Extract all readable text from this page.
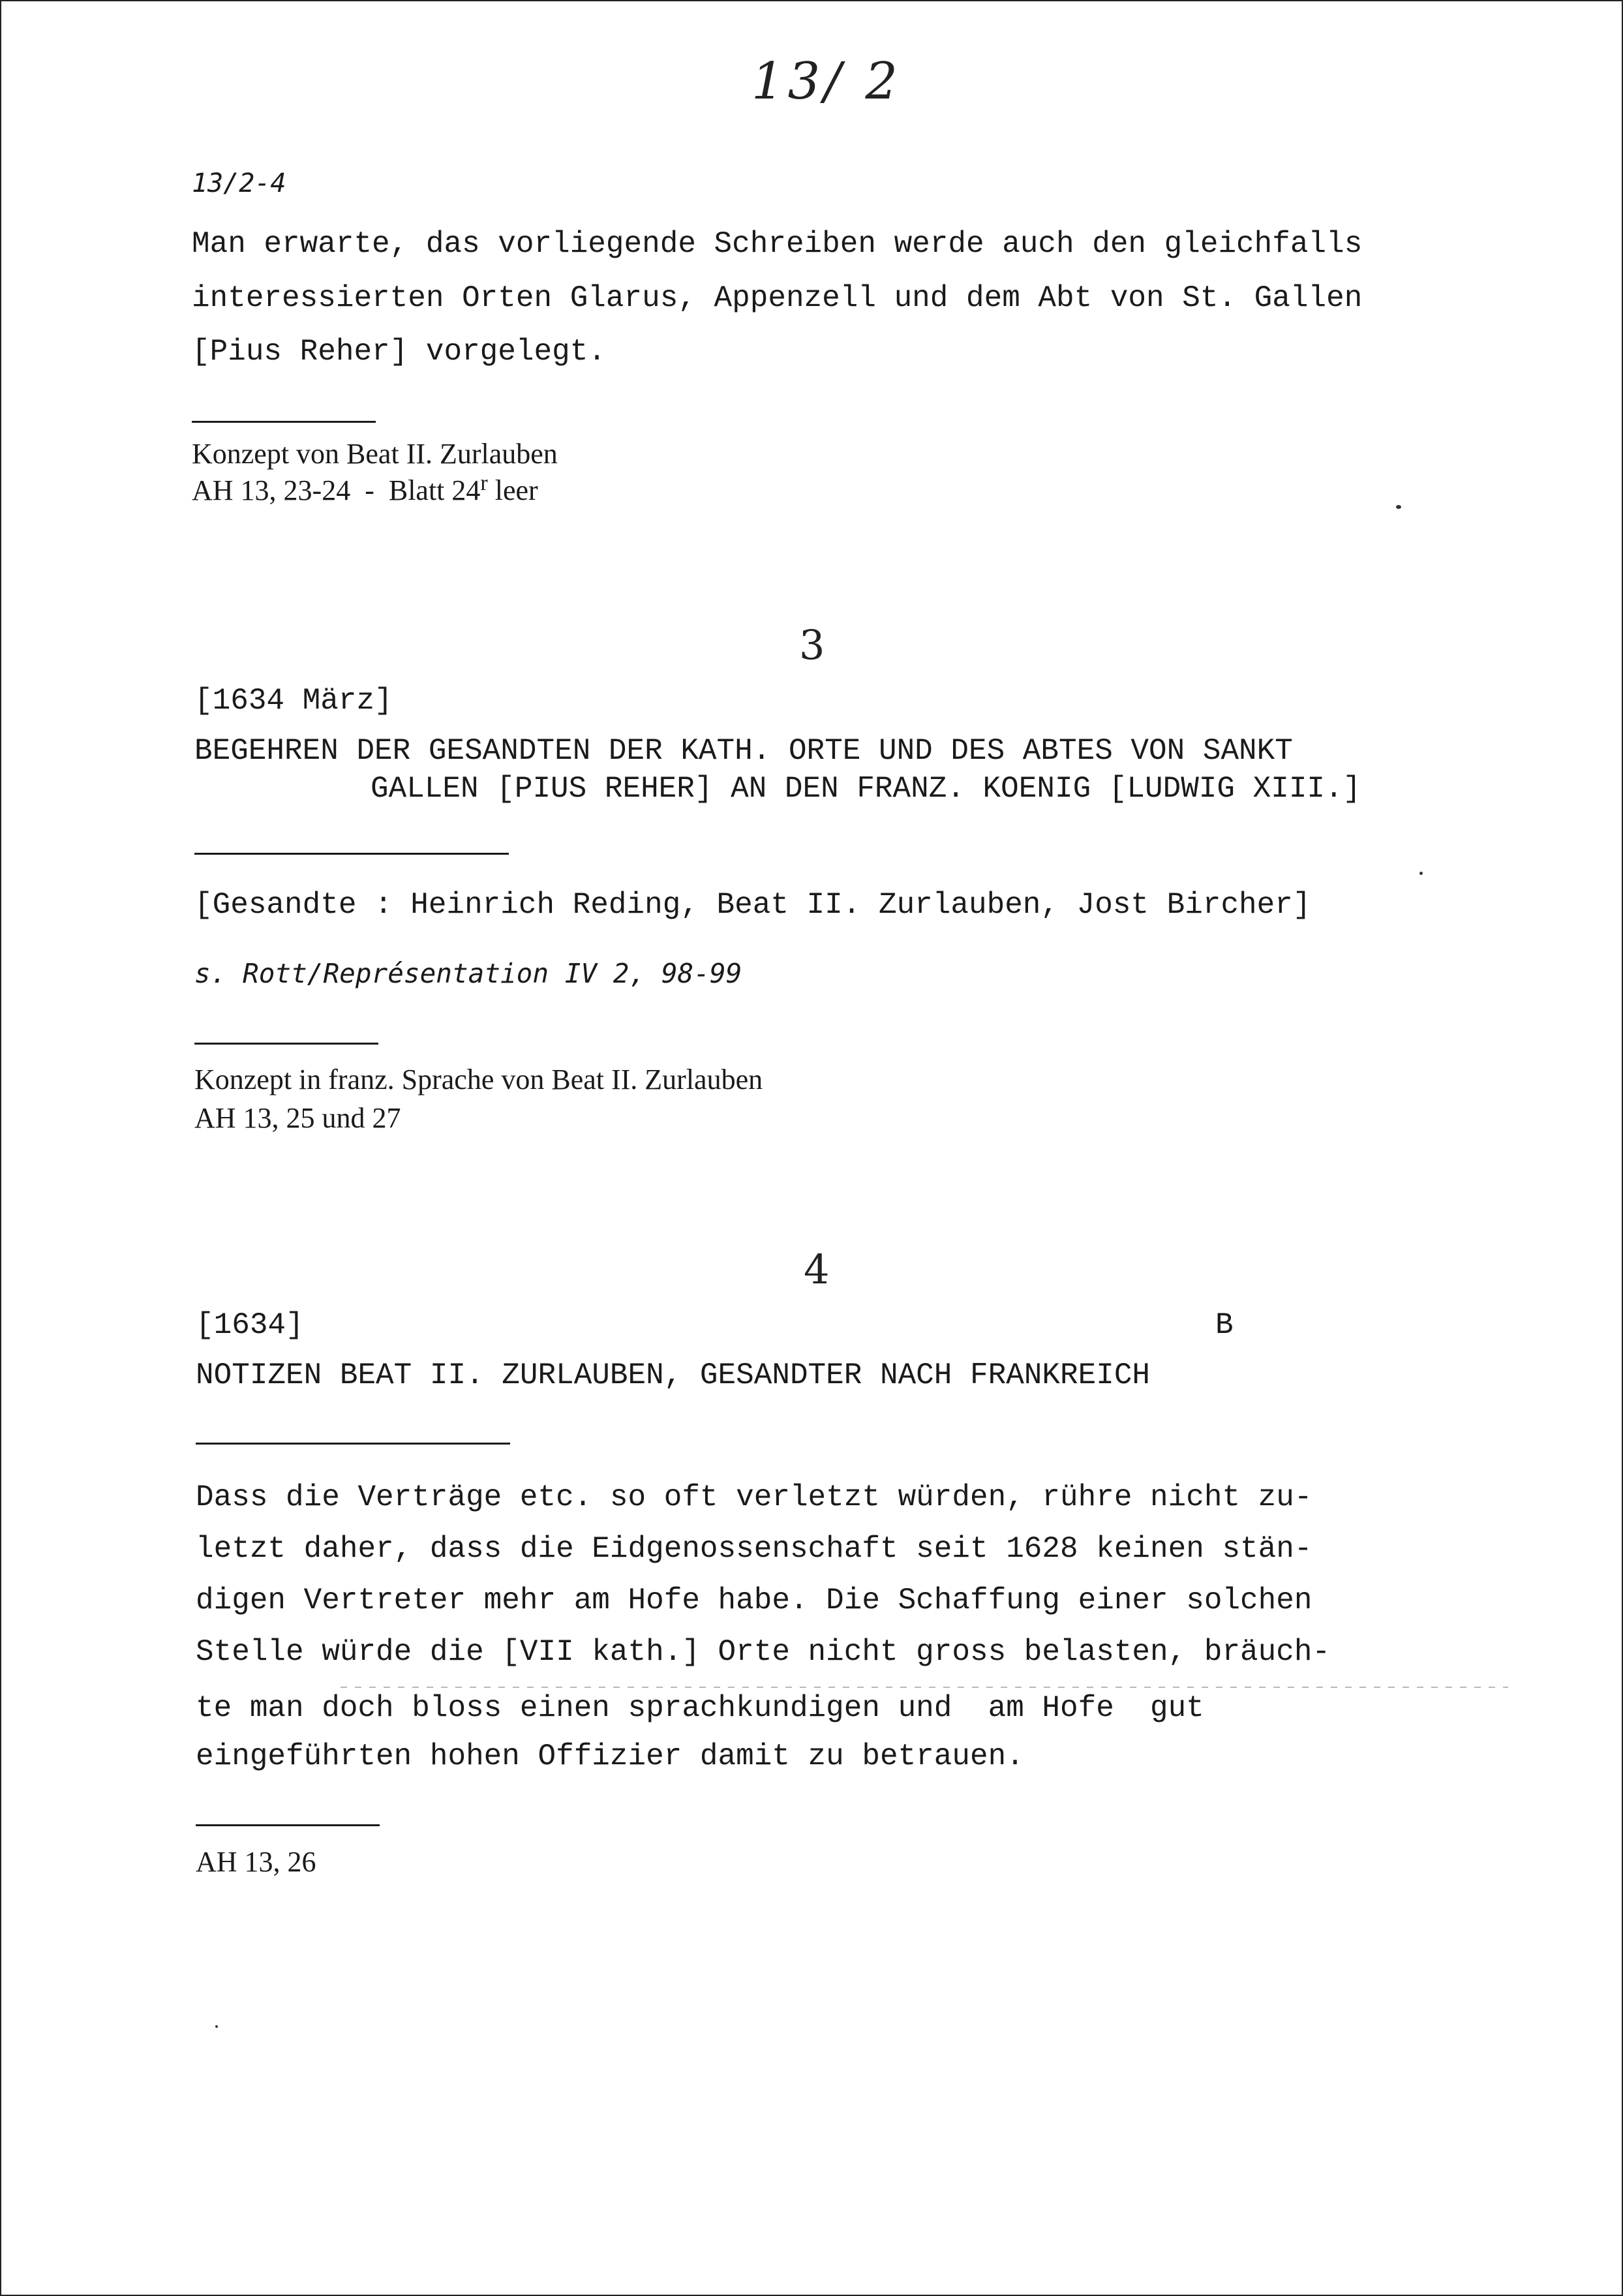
13/ 2
13/2-4
Man erwarte, das vorliegende Schreiben werde auch den gleichfalls
interessierten Orten Glarus, Appenzell und dem Abt von St. Gallen
[Pius Reher] vorgelegt.
Konzept von Beat II. Zurlauben
AH 13, 23-24  -  Blatt 24$^r$ leer
3
[1634 März]
BEGEHREN DER GESANDTEN DER KATH. ORTE UND DES ABTES VON SANKT
GALLEN [PIUS REHER] AN DEN FRANZ. KOENIG [LUDWIG XIII.]
[Gesandte : Heinrich Reding, Beat II. Zurlauben, Jost Bircher]
s. Rott/Représentation IV 2, 98-99
Konzept in franz. Sprache von Beat II. Zurlauben
AH 13, 25 und 27
4
[1634]	B
NOTIZEN BEAT II. ZURLAUBEN, GESANDTER NACH FRANKREICH
Dass die Verträge etc. so oft verletzt würden, rühre nicht zu-
letzt daher, dass die Eidgenossenschaft seit 1628 keinen stän-
digen Vertreter mehr am Hofe habe. Die Schaffung einer solchen
Stelle würde die [VII kath.] Orte nicht gross belasten, bräuch-
te man doch bloss einen sprachkundigen und  am Hofe  gut
eingeführten hohen Offizier damit zu betrauen.
AH 13, 26
